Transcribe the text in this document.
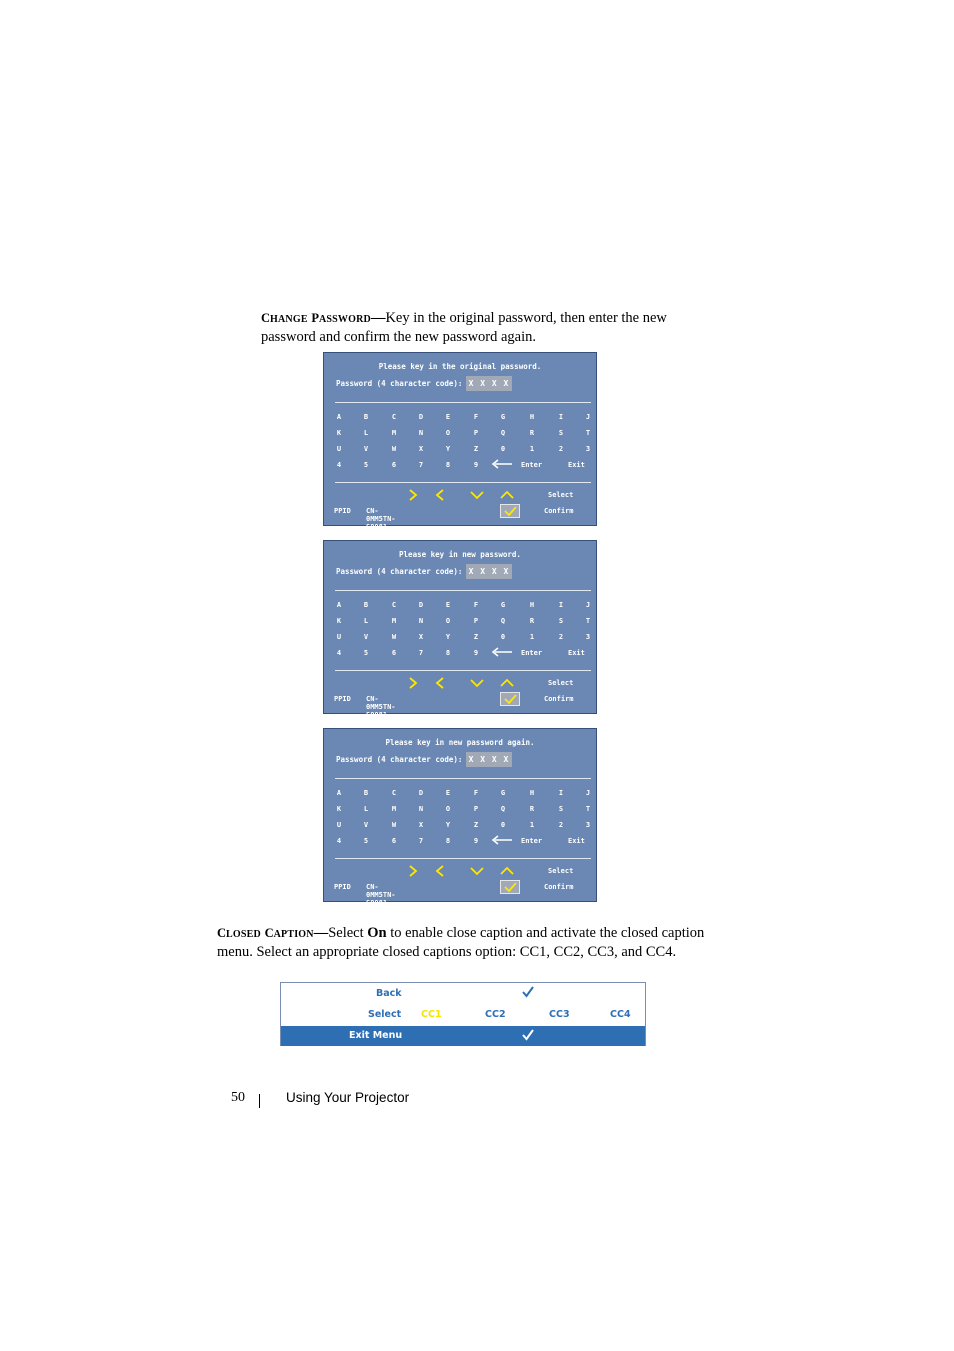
CHANGE PASSWORD—Key in the original password, then enter the new password and confirm the new password again.
Please key in the original password.
Password (4 character code): X X X X
A	B	C	D	E	F	G	H	I	J
K	L	M	N	O	P	Q	R	S	T
U	V	W	X	Y	Z	0	1	2	3
4	5	6	7	8	9	Enter	Exit
Select
PPID CN-0MM5TN-S0081-46B-
Confirm
Please key in new password.
Password (4 character code): X X X X
A	B	C	D	E	F	G	H	I	J
K	L	M	N	O	P	Q	R	S	T
U	V	W	X	Y	Z	0	1	2	3
4	5	6	7	8	9	Enter	Exit
Select
PPID CN-0MM5TN-S0081-46B-
Confirm
Please key in new password again.
Password (4 character code): X X X X
A	B	C	D	E	F	G	H	I	J
K	L	M	N	O	P	Q	R	S	T
U	V	W	X	Y	Z	0	1	2	3
4	5	6	7	8	9	Enter	Exit
Select
PPID CN-0MM5TN-S0081-46B-0200
Confirm
CLOSED CAPTION—Select On to enable close caption and activate the closed caption menu. Select an appropriate closed captions option: CC1, CC2, CC3, and CC4.
Back
Select CC1	CC2	CC3	CC4
Exit Menu
50	Using Your Projector
